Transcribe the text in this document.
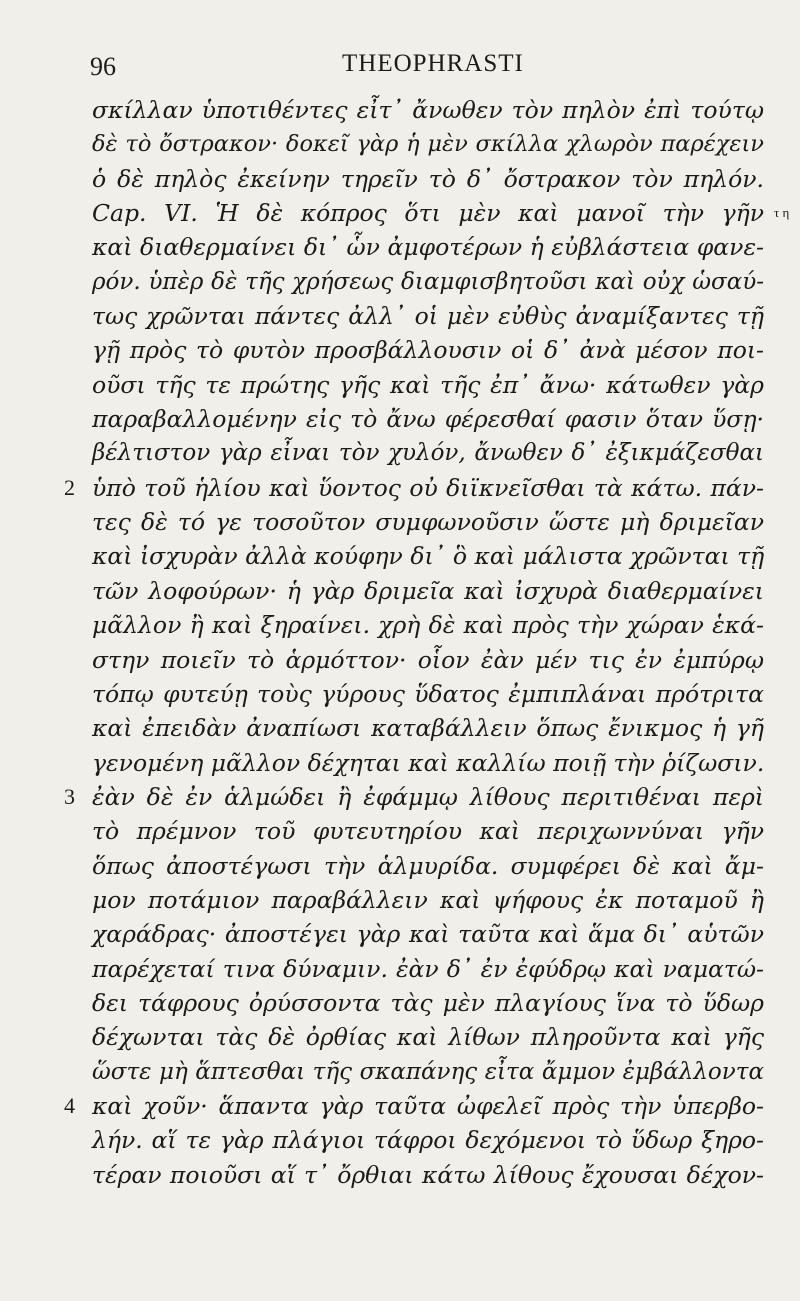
96	THEOPHRASTI
σκίλλαν ὑποτιθέντες εἶτ᾽ ἄνωθεν τὸν πηλὸν ἐπὶ τούτῳ
δὲ τὸ ὄστρακον· δοκεῖ γὰρ ἡ μὲν σκίλλα χλωρὸν παρέχειν
ὁ δὲ πηλὸς ἐκείνην τηρεῖν τὸ δ᾽ ὄστρακον τὸν πηλόν.
Cap. VI. Ἡ δὲ κόπρος ὅτι μὲν καὶ μανοῖ τὴν γῆν τ η
καὶ διαθερμαίνει δι᾽ ὧν ἀμφοτέρων ἡ εὐβλάστεια φανε-
ρόν. ὑπὲρ δὲ τῆς χρήσεως διαμφισβητοῦσι καὶ οὐχ ὡσαύ-
τως χρῶνται πάντες ἀλλ᾽ οἱ μὲν εὐθὺς ἀναμίξαντες τῇ
γῇ πρὸς τὸ φυτὸν προσβάλλουσιν οἱ δ᾽ ἀνὰ μέσον ποι-
οῦσι τῆς τε πρώτης γῆς καὶ τῆς ἐπ᾽ ἄνω· κάτωθεν γὰρ
παραβαλλομένην εἰς τὸ ἄνω φέρεσθαί φασιν ὅταν ὕσῃ·
βέλτιστον γὰρ εἶναι τὸν χυλόν, ἄνωθεν δ᾽ ἐξικμάζεσθαι
2 ὑπὸ τοῦ ἡλίου καὶ ὕοντος οὐ διϊκνεῖσθαι τὰ κάτω. πάν-
τες δὲ τό γε τοσοῦτον συμφωνοῦσιν ὥστε μὴ δριμεῖαν
καὶ ἰσχυρὰν ἀλλὰ κούφην δι᾽ ὃ καὶ μάλιστα χρῶνται τῇ
τῶν λοφούρων· ἡ γὰρ δριμεῖα καὶ ἰσχυρὰ διαθερμαίνει
μᾶλλον ἢ καὶ ξηραίνει. χρὴ δὲ καὶ πρὸς τὴν χώραν ἑκά-
στην ποιεῖν τὸ ἁρμόττον· οἷον ἐὰν μέν τις ἐν ἐμπύρῳ
τόπῳ φυτεύῃ τοὺς γύρους ὕδατος ἐμπιπλάναι πρότριτα
καὶ ἐπειδὰν ἀναπίωσι καταβάλλειν ὅπως ἔνικμος ἡ γῆ
γενομένη μᾶλλον δέχηται καὶ καλλίω ποιῇ τὴν ῥίζωσιν.
3 ἐὰν δὲ ἐν ἁλμώδει ἢ ἐφάμμῳ λίθους περιτιθέναι περὶ
τὸ πρέμνον τοῦ φυτευτηρίου καὶ περιχωννύναι γῆν
ὅπως ἀποστέγωσι τὴν ἁλμυρίδα. συμφέρει δὲ καὶ ἄμ-
μον ποτάμιον παραβάλλειν καὶ ψήφους ἐκ ποταμοῦ ἢ
χαράδρας· ἀποστέγει γὰρ καὶ ταῦτα καὶ ἅμα δι᾽ αὑτῶν
παρέχεταί τινα δύναμιν. ἐὰν δ᾽ ἐν ἐφύδρῳ καὶ ναματώ-
δει τάφρους ὀρύσσοντα τὰς μὲν πλαγίους ἵνα τὸ ὕδωρ
δέχωνται τὰς δὲ ὀρθίας καὶ λίθων πληροῦντα καὶ γῆς
ὥστε μὴ ἅπτεσθαι τῆς σκαπάνης εἶτα ἄμμον ἐμβάλλοντα
4 καὶ χοῦν· ἅπαντα γὰρ ταῦτα ὠφελεῖ πρὸς τὴν ὑπερβο-
λήν. αἵ τε γὰρ πλάγιοι τάφροι δεχόμενοι τὸ ὕδωρ ξηρο-
τέραν ποιοῦσι αἵ τ᾽ ὄρθιαι κάτω λίθους ἔχουσαι δέχον-
